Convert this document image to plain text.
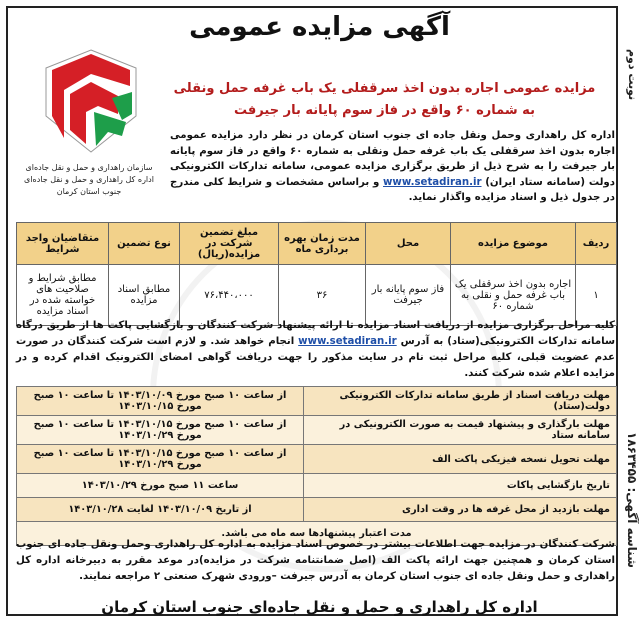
نوبت دوم
شناسه آگهی: ۱۸۶۳۴۵۵
آگهی مزایده عمومی
مزایده عمومی اجاره بدون اخذ سرقفلی یک باب غرفه حمل ونقلی
به شماره ۶۰ واقع در فاز سوم پایانه بار جیرفت
سازمان راهداری و حمل و نقل جاده‌ای
اداره کل راهداری و حمل و نقل جاده‌ای جنوب استان کرمان
اداره کل راهداری وحمل ونقل جاده ای جنوب استان کرمان در نظر دارد مزایده عمومی اجاره بدون اخذ سرقفلی یک باب غرفه حمل ونقلی به شماره ۶۰ واقع در فاز سوم پایانه بار جیرفت را به شرح ذیل از طریق برگزاری مزایده عمومی، سامانه تدارکات الکترونیکی دولت (سامانه ستاد ایران) www.setadiran.ir و براساس مشخصات و شرایط کلی مندرج در جدول ذیل و اسناد مزایده واگذار نماید.
ردیف	موضوع مزایده	محل	مدت زمان بهره برداری ماه	مبلغ تضمین شرکت در مزایده(ریال)	نوع تضمین	متقاضیان واجد شرایط
۱	اجاره بدون اخذ سرقفلی یک باب غرفه حمل و نقلی به شماره ۶۰	فاز سوم پایانه بار جیرفت	۳۶	۷۶،۴۴۰،۰۰۰	مطابق اسناد مزایده	مطابق شرایط و صلاحیت های خواسته شده در اسناد مزایده
کلیه مراحل برگزاری مزایده از دریافت اسناد مزایده تا ارائه پیشنهاد شرکت کنندگان و بازگشایی پاکت ها از طریق درگاه سامانه تدارکات الکترونیکی(ستاد) به آدرس www.setadiran.ir انجام خواهد شد. و لازم است شرکت کنندگان در صورت عدم عضویت قبلی، کلیه مراحل ثبت نام در سایت مذکور را جهت دریافت گواهی امضای الکترونیک اقدام کرده و در مزایده اعلام شده شرکت کنند.
مهلت دریافت اسناد از طریق سامانه تدارکات الکترونیکی دولت(ستاد)	از ساعت ۱۰ صبح مورخ ۱۴۰۳/۱۰/۰۹ تا ساعت ۱۰ صبح مورخ ۱۴۰۳/۱۰/۱۵
مهلت بارگذاری و پیشنهاد قیمت به صورت الکترونیکی در سامانه ستاد	از ساعت ۱۰ صبح مورخ ۱۴۰۳/۱۰/۱۵ تا ساعت ۱۰ صبح مورخ ۱۴۰۳/۱۰/۲۹
مهلت تحویل نسخه فیزیکی پاکت الف	از ساعت ۱۰ صبح مورخ ۱۴۰۳/۱۰/۱۵ تا ساعت ۱۰ صبح مورخ ۱۴۰۳/۱۰/۲۹
تاریخ بازگشایی پاکات	ساعت ۱۱ صبح مورخ ۱۴۰۳/۱۰/۲۹
مهلت بازدید از محل غرفه ها در وقت اداری	از تاریخ ۱۴۰۳/۱۰/۰۹ لغایت ۱۴۰۳/۱۰/۲۸
مدت اعتبار پیشنهادها سه ماه می باشد.	
شرکت کنندگان در مزایده جهت اطلاعات بیشتر در خصوص اسناد مزایده به اداره کل راهداری وحمل ونقل جاده ای جنوب استان کرمان و همچنین جهت ارائه پاکت الف (اصل ضمانتنامه شرکت در مزایده)در موعد مقرر به دبیرخانه اداره کل راهداری و حمل ونقل جاده ای جنوب استان کرمان به آدرس جیرفت –ورودی شهرک صنعتی ۲ مراجعه نمایند.
اداره کل راهداری و حمل و نقل جاده‌ای جنوب استان کرمان
